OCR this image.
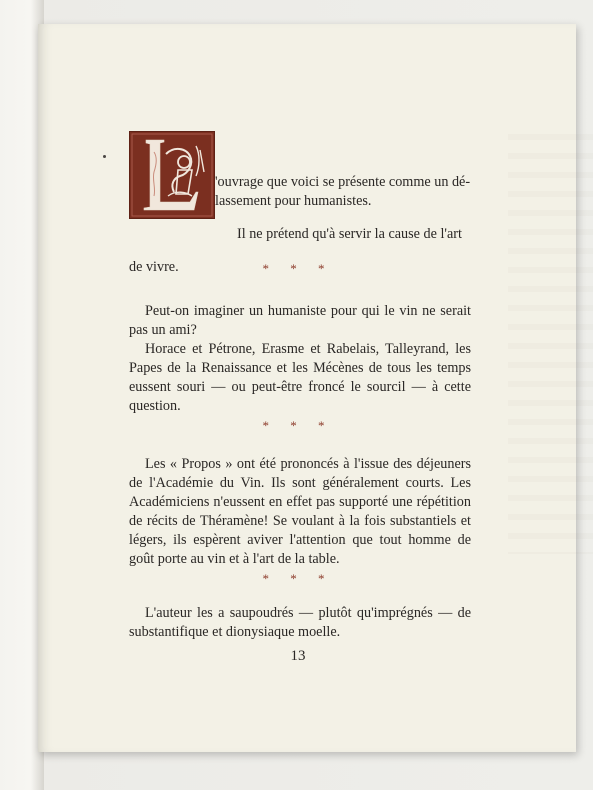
'ouvrage que voici se présente comme un dé-

lassement pour humanistes.

Il ne prétend qu'à servir la cause de l'art

de vivre.	* * *

Peut-on imaginer un humaniste pour qui le vin ne serait pas un ami?

Horace et Pétrone, Erasme et Rabelais, Talleyrand, les Papes de la Renaissance et les Mécènes de tous les temps eussent souri — ou peut-être froncé le sourcil — à cette question.

* * *

Les « Propos » ont été prononcés à l'issue des déjeuners de l'Académie du Vin. Ils sont généralement courts. Les Académiciens n'eussent en effet pas supporté une répétition de récits de Théramène! Se voulant à la fois substantiels et légers, ils espèrent aviver l'attention que tout homme de goût porte au vin et à l'art de la table.

* * *

L'auteur les a saupoudrés — plutôt qu'imprégnés — de substantifique et dionysiaque moelle.

13
